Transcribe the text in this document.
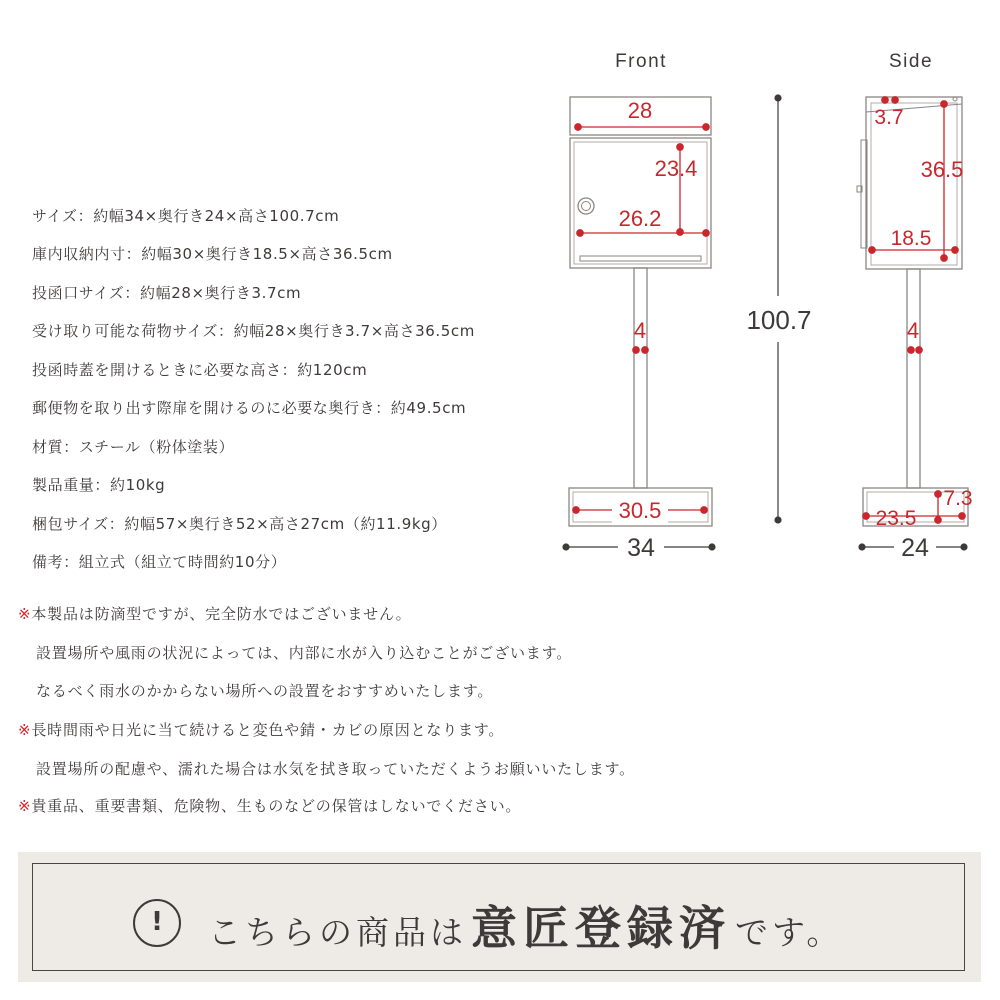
Front	Side
28
23.4
26.2
4
30.5
34
100.7
3.7
36.5
18.5
4
7.3
23.5
24
サイズ：約幅34×奥行き24×高さ100.7cm
庫内収納内寸：約幅30×奥行き18.5×高さ36.5cm
投函口サイズ：約幅28×奥行き3.7cm
受け取り可能な荷物サイズ：約幅28×奥行き3.7×高さ36.5cm
投函時蓋を開けるときに必要な高さ：約120cm
郵便物を取り出す際扉を開けるのに必要な奥行き：約49.5cm
材質：スチール（粉体塗装）
製品重量：約10kg
梱包サイズ：約幅57×奥行き52×高さ27cm（約11.9kg）
備考：組立式（組立て時間約10分）
※本製品は防滴型ですが、完全防水ではございません。
設置場所や風雨の状況によっては、内部に水が入り込むことがございます。
なるべく雨水のかからない場所への設置をおすすめいたします。
※長時間雨や日光に当て続けると変色や錆・カビの原因となります。
設置場所の配慮や、濡れた場合は水気を拭き取っていただくようお願いいたします。
※貴重品、重要書類、危険物、生ものなどの保管はしないでください。
!	こちらの商品は意匠登録済 です。
